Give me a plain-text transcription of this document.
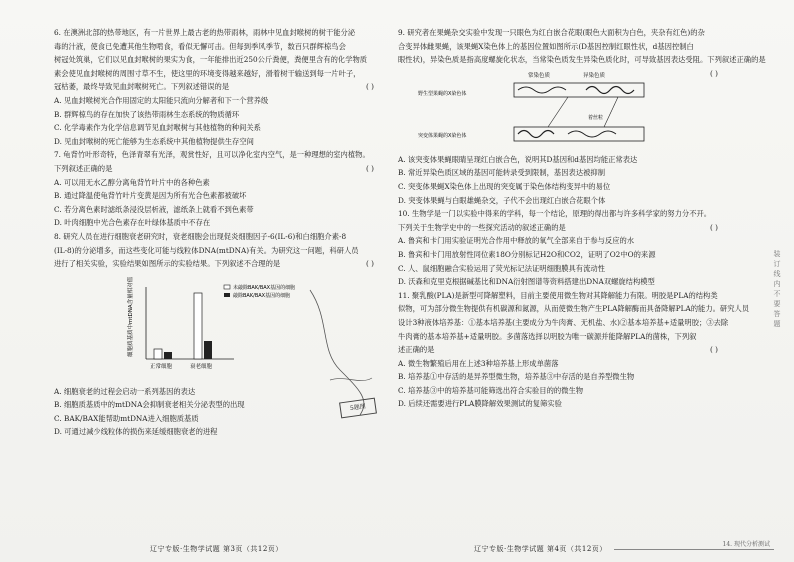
6. 在澳洲北部的热带地区，有一片世界上最古老的热带雨林，雨林中见血封喉树的树干能分泌

毒的汁液，使食已免遭其他生物啃食，看似无懈可击。但每到季风季节，数百只群辉椋鸟会

树冠处筑巢，它们以见血封喉树的果实为食，一年能排出近250公斤粪便，粪便里含有的化学物质

素会使见血封喉树的周围寸草不生，使这里的环境变得越来越好，滑着树干输送到每一片叶子，

冠枯萎，最终导致见血封喉树死亡。下列叙述错误的是	( )

A. 见血封喉树光合作用固定的太阳能只流向分解者和下一个营养级

B. 群辉椋鸟的存在加快了该热带雨林生态系统的物质循环

C. 化学毒素作为化学信息调节见血封喉树与其他植物的种间关系

D. 见血封喉树的死亡能够为生态系统中其他植物提供生存空间

7. 龟背竹叶形奇特，色泽青翠有光泽，观赏性好，且可以净化室内空气，是一种理想的室内植物。

下列叙述正确的是	( )

A. 可以用无水乙醇分离龟背竹叶片中的各种色素

B. 通过降温使龟背竹叶片变黄是因为所有光合色素都被破坏

C. 若分离色素时滤纸条浸没层析液，滤纸条上就看不到色素带

D. 叶肉细胞中光合色素存在叶绿体基质中不存在

8. 研究人员在进行细胞衰老研究时，衰老细胞会出现促炎细胞因子-6(IL-6)和白细胞介素-8

(IL-8)的分泌增多，而这些变化可能与线粒体DNA(mtDNA)有关。为研究这一问题，科研人员

进行了相关实验，实验结果如图所示的实验结果。下列叙述不合理的是	( )

细胞质基质中mtDNA含量相对值
正常细胞	衰老细胞
未敲除BAK/BAX基因的细胞
敲除BAK/BAX基因的细胞

A. 细胞衰老的过程会启动一系列基因的表达

B. 细胞质基质中的mtDNA会抑制衰老相关分泌表型的出现

C. BAK/BAX能帮助mtDNA进入细胞质基质

D. 可通过减少线粒体的损伤来延缓细胞衰老的进程

辽宁专版·生物学试题 第3页（共12页）
5题图

9. 研究者在果蝇杂交实验中发现一只眼色为红白嵌合花眼(眼色大面积为白色，夹杂有红色)的杂

合变异体雌果蝇，该果蝇X染色体上的基因位置如图所示(D基因控制红眼性状，d基因控制白

眼性状)，异染色质是指高度螺旋化状态，当常染色质发生异染色质化时，可导致基因表达受阻。下列叙述正确的是
( )

常染色质	异染色质
野生型果蝇的X染色体
着丝粒
突变体果蝇的X染色体

A. 该突变体果蝇眼睛呈现红白嵌合色，说明其D基因和d基因均能正常表达

B. 常近异染色质区域的基因可能转录受到限制，基因表达被抑制

C. 突变体果蝇X染色体上出现的突变属于染色体结构变异中的易位

D. 突变体果蝇与白眼雄蝇杂交，子代不会出现红白嵌合花眼个体

10. 生物学是一门以实验中得来的学科，每一个结论，原理的得出都与许多科学家的努力分不开。

下列关于生物学史中的一些探究活动的叙述正确的是	( )

A. 鲁宾和卡门用实验证明光合作用中释放的氧气全部来自于参与反应的水

B. 鲁宾和卡门用放射性同位素18O分别标记H2O和CO2，证明了O2中O的来源

C. 人、鼠细胞融合实验运用了荧光标记法证明细胞膜具有流动性

D. 沃森和克里克根据碱基比和DNA衍射图谱等资料搭建出DNA双螺旋结构模型

11. 聚乳酸(PLA)是新型可降解塑料，目前主要使用微生物对其降解能力有限。明胶是PLA的结构类

似物，可为部分微生物提供有机碳源和氮源，从而使微生物产生PLA降解酶而具备降解PLA的能力。研究人员

设计3种液体培养基：①基本培养基(主要成分为牛肉膏、无机盐、水)②基本培养基+适量明胶；③去除

牛肉膏的基本培养基+适量明胶。多菌落选择以明胶为唯一碳源并能降解PLA的菌株，下列叙

述正确的是	( )

A. 微生物繁殖后用在上述3种培养基上形成单菌落

B. 培养基①中存活的是异养型微生物，培养基③中存活的是自养型微生物

C. 培养基③中的培养基可能筛选出符合实验目的的微生物

D. 后续还需要进行PLA膜降解效果测试的复筛实验

辽宁专版·生物学试题 第4页（共12页）
装订线内不要答题
14. 现代分析测试
